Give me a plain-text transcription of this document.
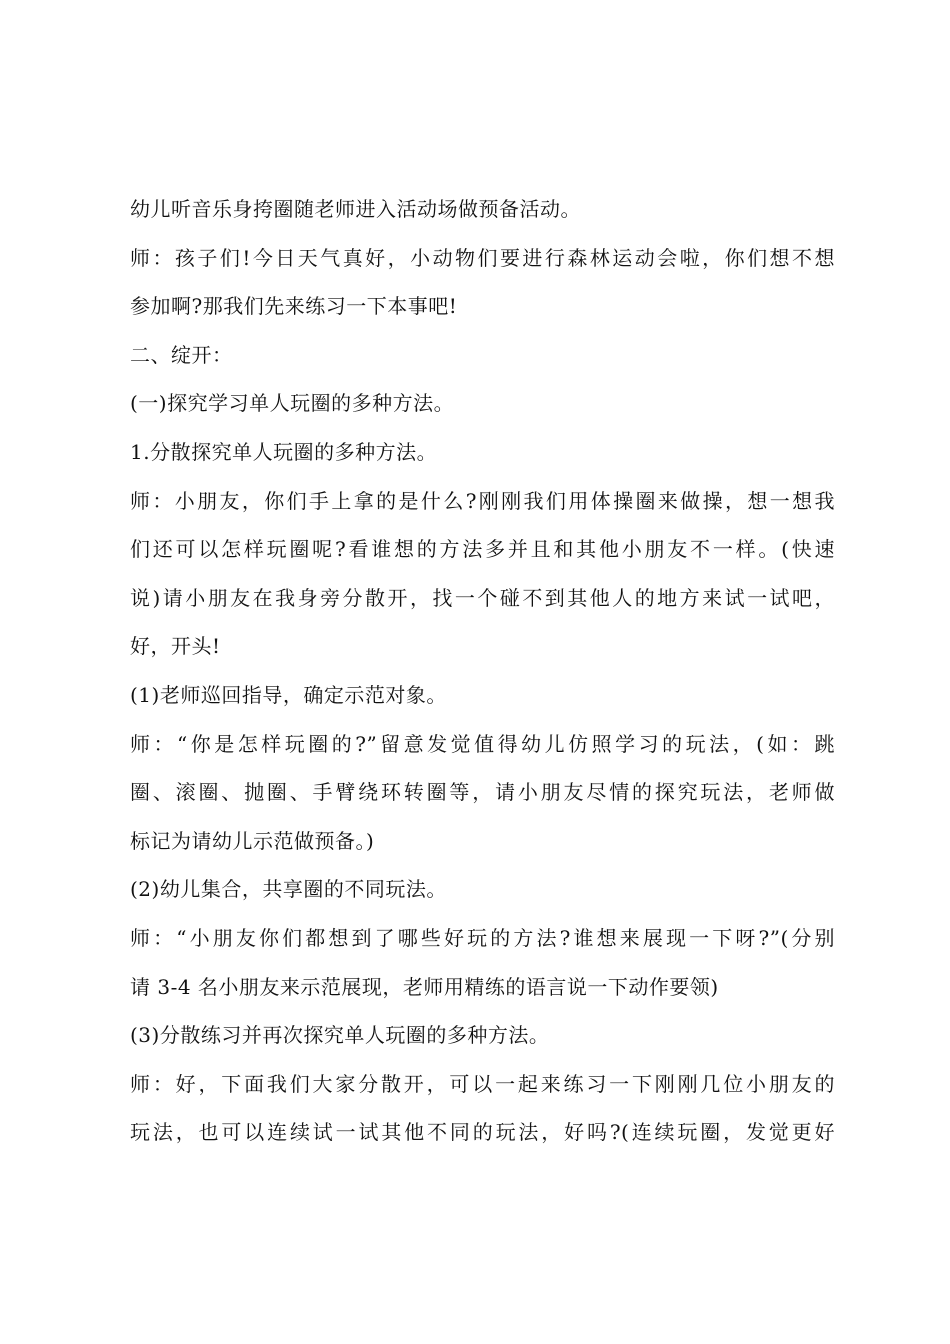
幼儿听音乐身挎圈随老师进入活动场做预备活动。
师：孩子们!今日天气真好，小动物们要进行森林运动会啦，你们想不想
参加啊?那我们先来练习一下本事吧!
二、绽开：
(一)探究学习单人玩圈的多种方法。
1.分散探究单人玩圈的多种方法。
师：小朋友，你们手上拿的是什么?刚刚我们用体操圈来做操，想一想我
们还可以怎样玩圈呢?看谁想的方法多并且和其他小朋友不一样。(快速
说)请小朋友在我身旁分散开，找一个碰不到其他人的地方来试一试吧，
好，开头!
(1)老师巡回指导，确定示范对象。
师：“你是怎样玩圈的?”留意发觉值得幼儿仿照学习的玩法，(如：跳
圈、滚圈、抛圈、手臂绕环转圈等，请小朋友尽情的探究玩法，老师做
标记为请幼儿示范做预备。)
(2)幼儿集合，共享圈的不同玩法。
师：“小朋友你们都想到了哪些好玩的方法?谁想来展现一下呀?”(分别
请 3-4 名小朋友来示范展现，老师用精练的语言说一下动作要领)
(3)分散练习并再次探究单人玩圈的多种方法。
师：好，下面我们大家分散开，可以一起来练习一下刚刚几位小朋友的
玩法，也可以连续试一试其他不同的玩法，好吗?(连续玩圈，发觉更好
